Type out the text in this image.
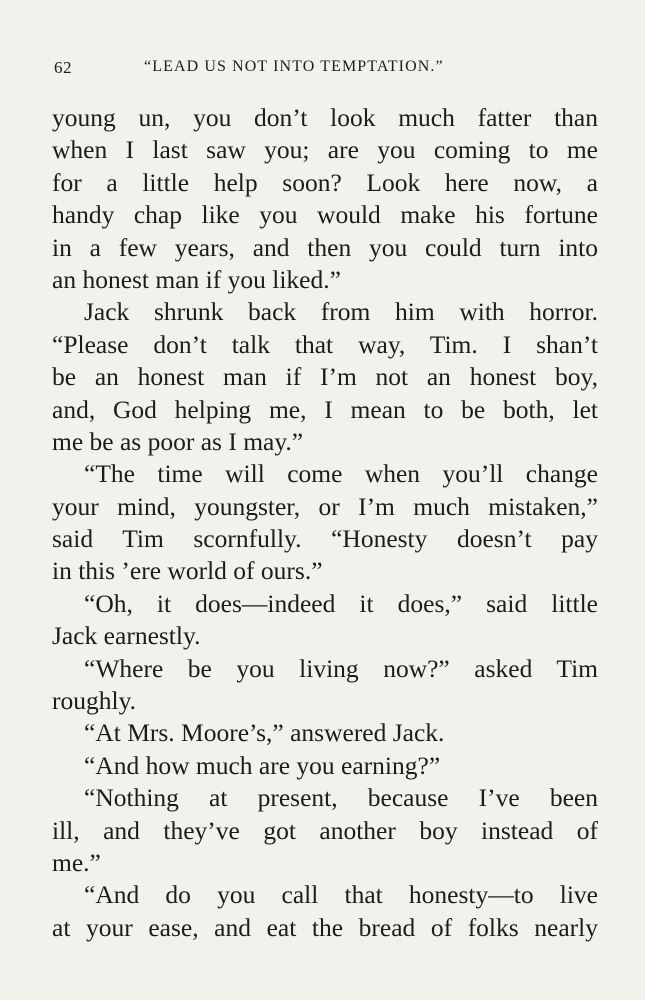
62	“LEAD US NOT INTO TEMPTATION.”
young un, you don’t look much fatter than
when I last saw you; are you coming to me
for a little help soon? Look here now, a
handy chap like you would make his fortune
in a few years, and then you could turn into
an honest man if you liked.”
Jack shrunk back from him with horror.
“Please don’t talk that way, Tim. I shan’t
be an honest man if I’m not an honest boy,
and, God helping me, I mean to be both, let
me be as poor as I may.”
“The time will come when you’ll change
your mind, youngster, or I’m much mistaken,”
said Tim scornfully. “Honesty doesn’t pay
in this ’ere world of ours.”
“Oh, it does—indeed it does,” said little
Jack earnestly.
“Where be you living now?” asked Tim
roughly.
“At Mrs. Moore’s,” answered Jack.
“And how much are you earning?”
“Nothing at present, because I’ve been
ill, and they’ve got another boy instead of
me.”
“And do you call that honesty—to live
at your ease, and eat the bread of folks nearly
